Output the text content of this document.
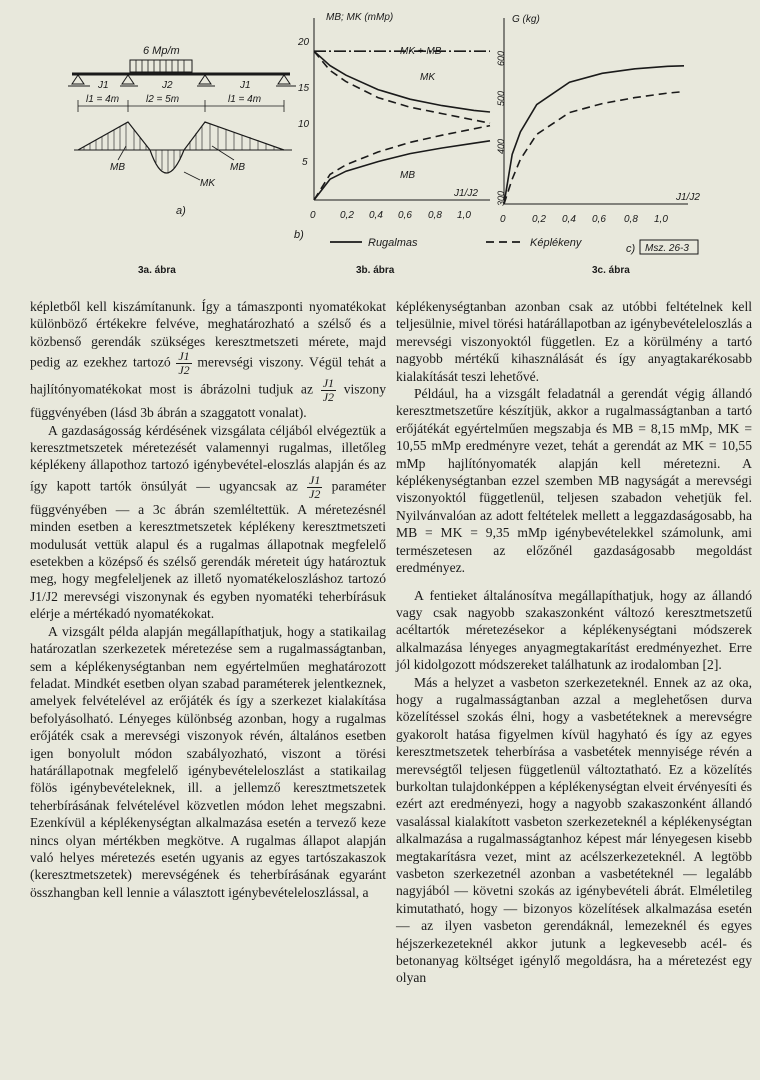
6 Mp/m
J1	J2	J1
l1 = 4m	l2 = 5m	l1 = 4m
MB
MK
MB
a)
MB; MK (mMp)
20
15
10
5
0 0,2 0,4 0,6 0,8 1,0
J1/J2
MK + MB
MK
MB
b)
Rugalmas	Képlékeny
G (kg)
600
500
400
300
0	0,2 0,4 0,6 0,8 1,0
J1/J2
c) Msz. 26-3
3a. ábra	3b. ábra	3c. ábra

képletből kell kiszámítanunk. Így a támaszponti nyomatékokat különböző értékekre felvéve, meghatározható a szélső és a közbenső gerendák szükséges keresztmetszeti mérete, majd pedig az ezekhez tartozó $\frac{J1}{J2}$ merevségi viszony. Végül tehát a hajlítónyomatékokat most is ábrázolni tudjuk az $\frac{J1}{J2}$ viszony függvényében (lásd 3b ábrán a szaggatott vonalat).

A gazdaságosság kérdésének vizsgálata céljából elvégeztük a keresztmetszetek méretezését valamennyi rugalmas, illetőleg képlékeny állapothoz tartozó igénybevétel-eloszlás alapján és az így kapott tartók önsúlyát — ugyancsak az $\frac{J1}{J2}$ paraméter függvényében — a 3c ábrán szemléltettük. A méretezésnél minden esetben a keresztmetszetek képlékeny keresztmetszeti modulusát vettük alapul és a rugalmas állapotnak megfelelő esetekben a középső és szélső gerendák méreteit úgy határoztuk meg, hogy megfeleljenek az illető nyomatékeloszláshoz tartozó J1/J2 merevségi viszonynak és egyben nyomatéki teherbírásuk elérje a mértékadó nyomatékokat.

A vizsgált példa alapján megállapíthatjuk, hogy a statikailag határozatlan szerkezetek méretezése sem a rugalmasságtanban, sem a képlékenységtanban nem egyértelműen meghatározott feladat. Mindkét esetben olyan szabad paraméterek jelentkeznek, amelyek felvételével az erőjáték és így a szerkezet kialakítása befolyásolható. Lényeges különbség azonban, hogy a rugalmas erőjáték csak a merevségi viszonyok révén, általános esetben igen bonyolult módon szabályozható, viszont a törési határállapotnak megfelelő igénybevételeloszlást a statikailag fölös igénybevételeknek, ill. a jellemző keresztmetszetek teherbírásának felvételével közvetlen módon lehet megszabni. Ezenkívül a képlékenységtan alkalmazása esetén a tervező keze nincs olyan mértékben megkötve. A rugalmas állapot alapján való helyes méretezés esetén ugyanis az egyes tartószakaszok (keresztmetszetek) merevségének és teherbírásának egyaránt összhangban kell lennie a választott igénybevételeloszlással, a

képlékenységtanban azonban csak az utóbbi feltételnek kell teljesülnie, mivel törési határállapotban az igénybevételeloszlás a merevségi viszonyoktól független. Ez a körülmény a tartó nagyobb mértékű kihasználását és így anyagtakarékosabb kialakítását teszi lehetővé.

Például, ha a vizsgált feladatnál a gerendát végig állandó keresztmetszetűre készítjük, akkor a rugalmasságtanban a tartó erőjátékát egyértelműen megszabja és MB = 8,15 mMp, MK = 10,55 mMp eredményre vezet, tehát a gerendát az MK = 10,55 mMp hajlítónyomaték alapján kell méretezni. A képlékenységtanban ezzel szemben MB nagyságát a merevségi viszonyoktól függetlenül, teljesen szabadon vehetjük fel. Nyilvánvalóan az adott feltételek mellett a leggazdaságosabb, ha MB = MK = 9,35 mMp igénybevételekkel számolunk, ami természetesen az előzőnél gazdaságosabb megoldást eredményez.

A fentieket általánosítva megállapíthatjuk, hogy az állandó vagy csak nagyobb szakaszonként változó keresztmetszetű acéltartók méretezésekor a képlékenységtani módszerek alkalmazása lényeges anyagmegtakarítást eredményezhet. Erre jól kidolgozott módszereket találhatunk az irodalomban [2].

Más a helyzet a vasbeton szerkezeteknél. Ennek az az oka, hogy a rugalmasságtanban azzal a meglehetősen durva közelítéssel szokás élni, hogy a vasbetéteknek a merevségre gyakorolt hatása figyelmen kívül hagyható és így az egyes keresztmetszetek teherbírása a vasbetétek mennyisége révén a merevségtől teljesen függetlenül változtatható. Ez a közelítés burkoltan tulajdonképpen a képlékenységtan elveit érvényesíti és ezért azt eredményezi, hogy a nagyobb szakaszonként állandó vasalással kialakított vasbeton szerkezeteknél a képlékenységtan alkalmazása a rugalmasságtanhoz képest már lényegesen kisebb megtakarításra vezet, mint az acélszerkezeteknél. A legtöbb vasbeton szerkezetnél azonban a vasbetéteknél — legalább nagyjából — követni szokás az igénybevételi ábrát. Elméletileg kimutatható, hogy — bizonyos közelítések alkalmazása esetén — az ilyen vasbeton gerendáknál, lemezeknél és egyes héjszerkezeteknél akkor jutunk a legkevesebb acél- és betonanyag költséget igénylő megoldásra, ha a méretezést egy olyan
